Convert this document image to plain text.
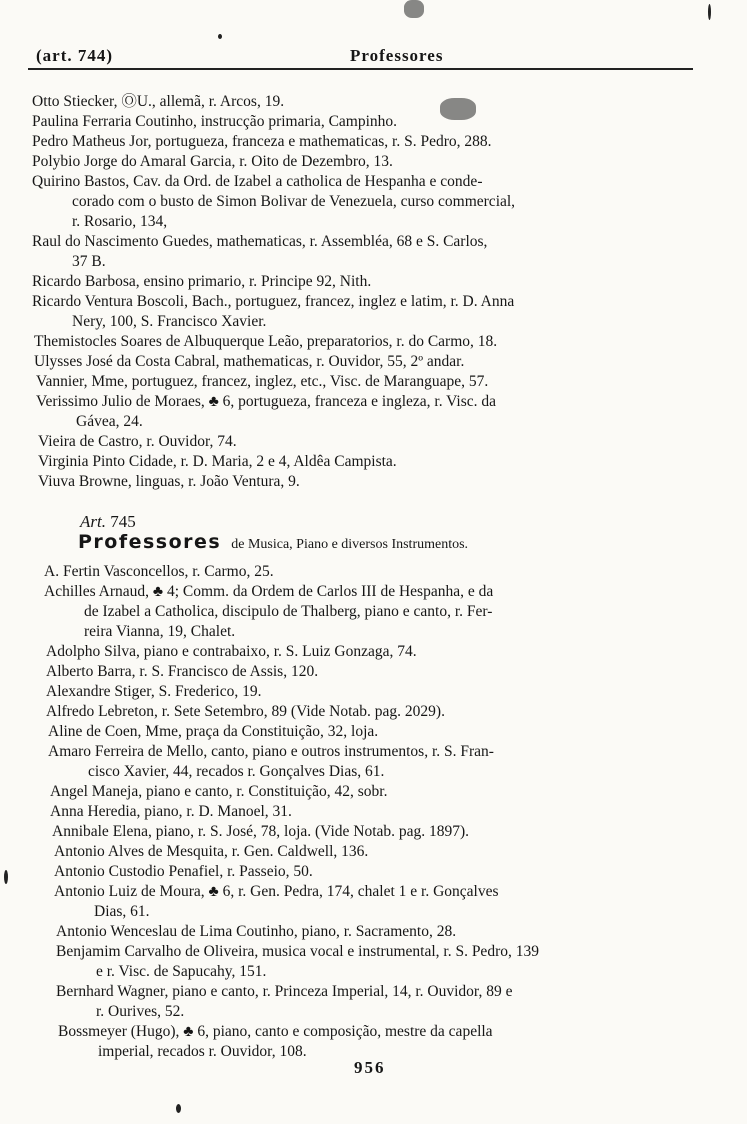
(art. 744)	Professores
Otto Stiecker, ⓄU., allemã, r. Arcos, 19.
Paulina Ferraria Coutinho, instrucção primaria, Campinho.
Pedro Matheus Jor, portugueza, franceza e mathematicas, r. S. Pedro, 288.
Polybio Jorge do Amaral Garcia, r. Oito de Dezembro, 13.
Quirino Bastos, Cav. da Ord. de Izabel a catholica de Hespanha e conde-
corado com o busto de Simon Bolivar de Venezuela, curso commercial,
r. Rosario, 134,
Raul do Nascimento Guedes, mathematicas, r. Assembléa, 68 e S. Carlos,
37 B.
Ricardo Barbosa, ensino primario, r. Principe 92, Nith.
Ricardo Ventura Boscoli, Bach., portuguez, francez, inglez e latim, r. D. Anna
Nery, 100, S. Francisco Xavier.
Themistocles Soares de Albuquerque Leão, preparatorios, r. do Carmo, 18.
Ulysses José da Costa Cabral, mathematicas, r. Ouvidor, 55, 2º andar.
Vannier, Mme, portuguez, francez, inglez, etc., Visc. de Maranguape, 57.
Verissimo Julio de Moraes, ♣ 6, portugueza, franceza e ingleza, r. Visc. da
Gávea, 24.
Vieira de Castro, r. Ouvidor, 74.
Virginia Pinto Cidade, r. D. Maria, 2 e 4, Aldêa Campista.
Viuva Browne, linguas, r. João Ventura, 9.
Art. 745
Professores de Musica, Piano e diversos Instrumentos.
A. Fertin Vasconcellos, r. Carmo, 25.
Achilles Arnaud, ♣ 4; Comm. da Ordem de Carlos III de Hespanha, e da
de Izabel a Catholica, discipulo de Thalberg, piano e canto, r. Fer-
reira Vianna, 19, Chalet.
Adolpho Silva, piano e contrabaixo, r. S. Luiz Gonzaga, 74.
Alberto Barra, r. S. Francisco de Assis, 120.
Alexandre Stiger, S. Frederico, 19.
Alfredo Lebreton, r. Sete Setembro, 89 (Vide Notab. pag. 2029).
Aline de Coen, Mme, praça da Constituição, 32, loja.
Amaro Ferreira de Mello, canto, piano e outros instrumentos, r. S. Fran-
cisco Xavier, 44, recados r. Gonçalves Dias, 61.
Angel Maneja, piano e canto, r. Constituição, 42, sobr.
Anna Heredia, piano, r. D. Manoel, 31.
Annibale Elena, piano, r. S. José, 78, loja. (Vide Notab. pag. 1897).
Antonio Alves de Mesquita, r. Gen. Caldwell, 136.
Antonio Custodio Penafiel, r. Passeio, 50.
Antonio Luiz de Moura, ♣ 6, r. Gen. Pedra, 174, chalet 1 e r. Gonçalves
Dias, 61.
Antonio Wenceslau de Lima Coutinho, piano, r. Sacramento, 28.
Benjamim Carvalho de Oliveira, musica vocal e instrumental, r. S. Pedro, 139
e r. Visc. de Sapucahy, 151.
Bernhard Wagner, piano e canto, r. Princeza Imperial, 14, r. Ouvidor, 89 e
r. Ourives, 52.
Bossmeyer (Hugo), ♣ 6, piano, canto e composição, mestre da capella
imperial, recados r. Ouvidor, 108.
956
